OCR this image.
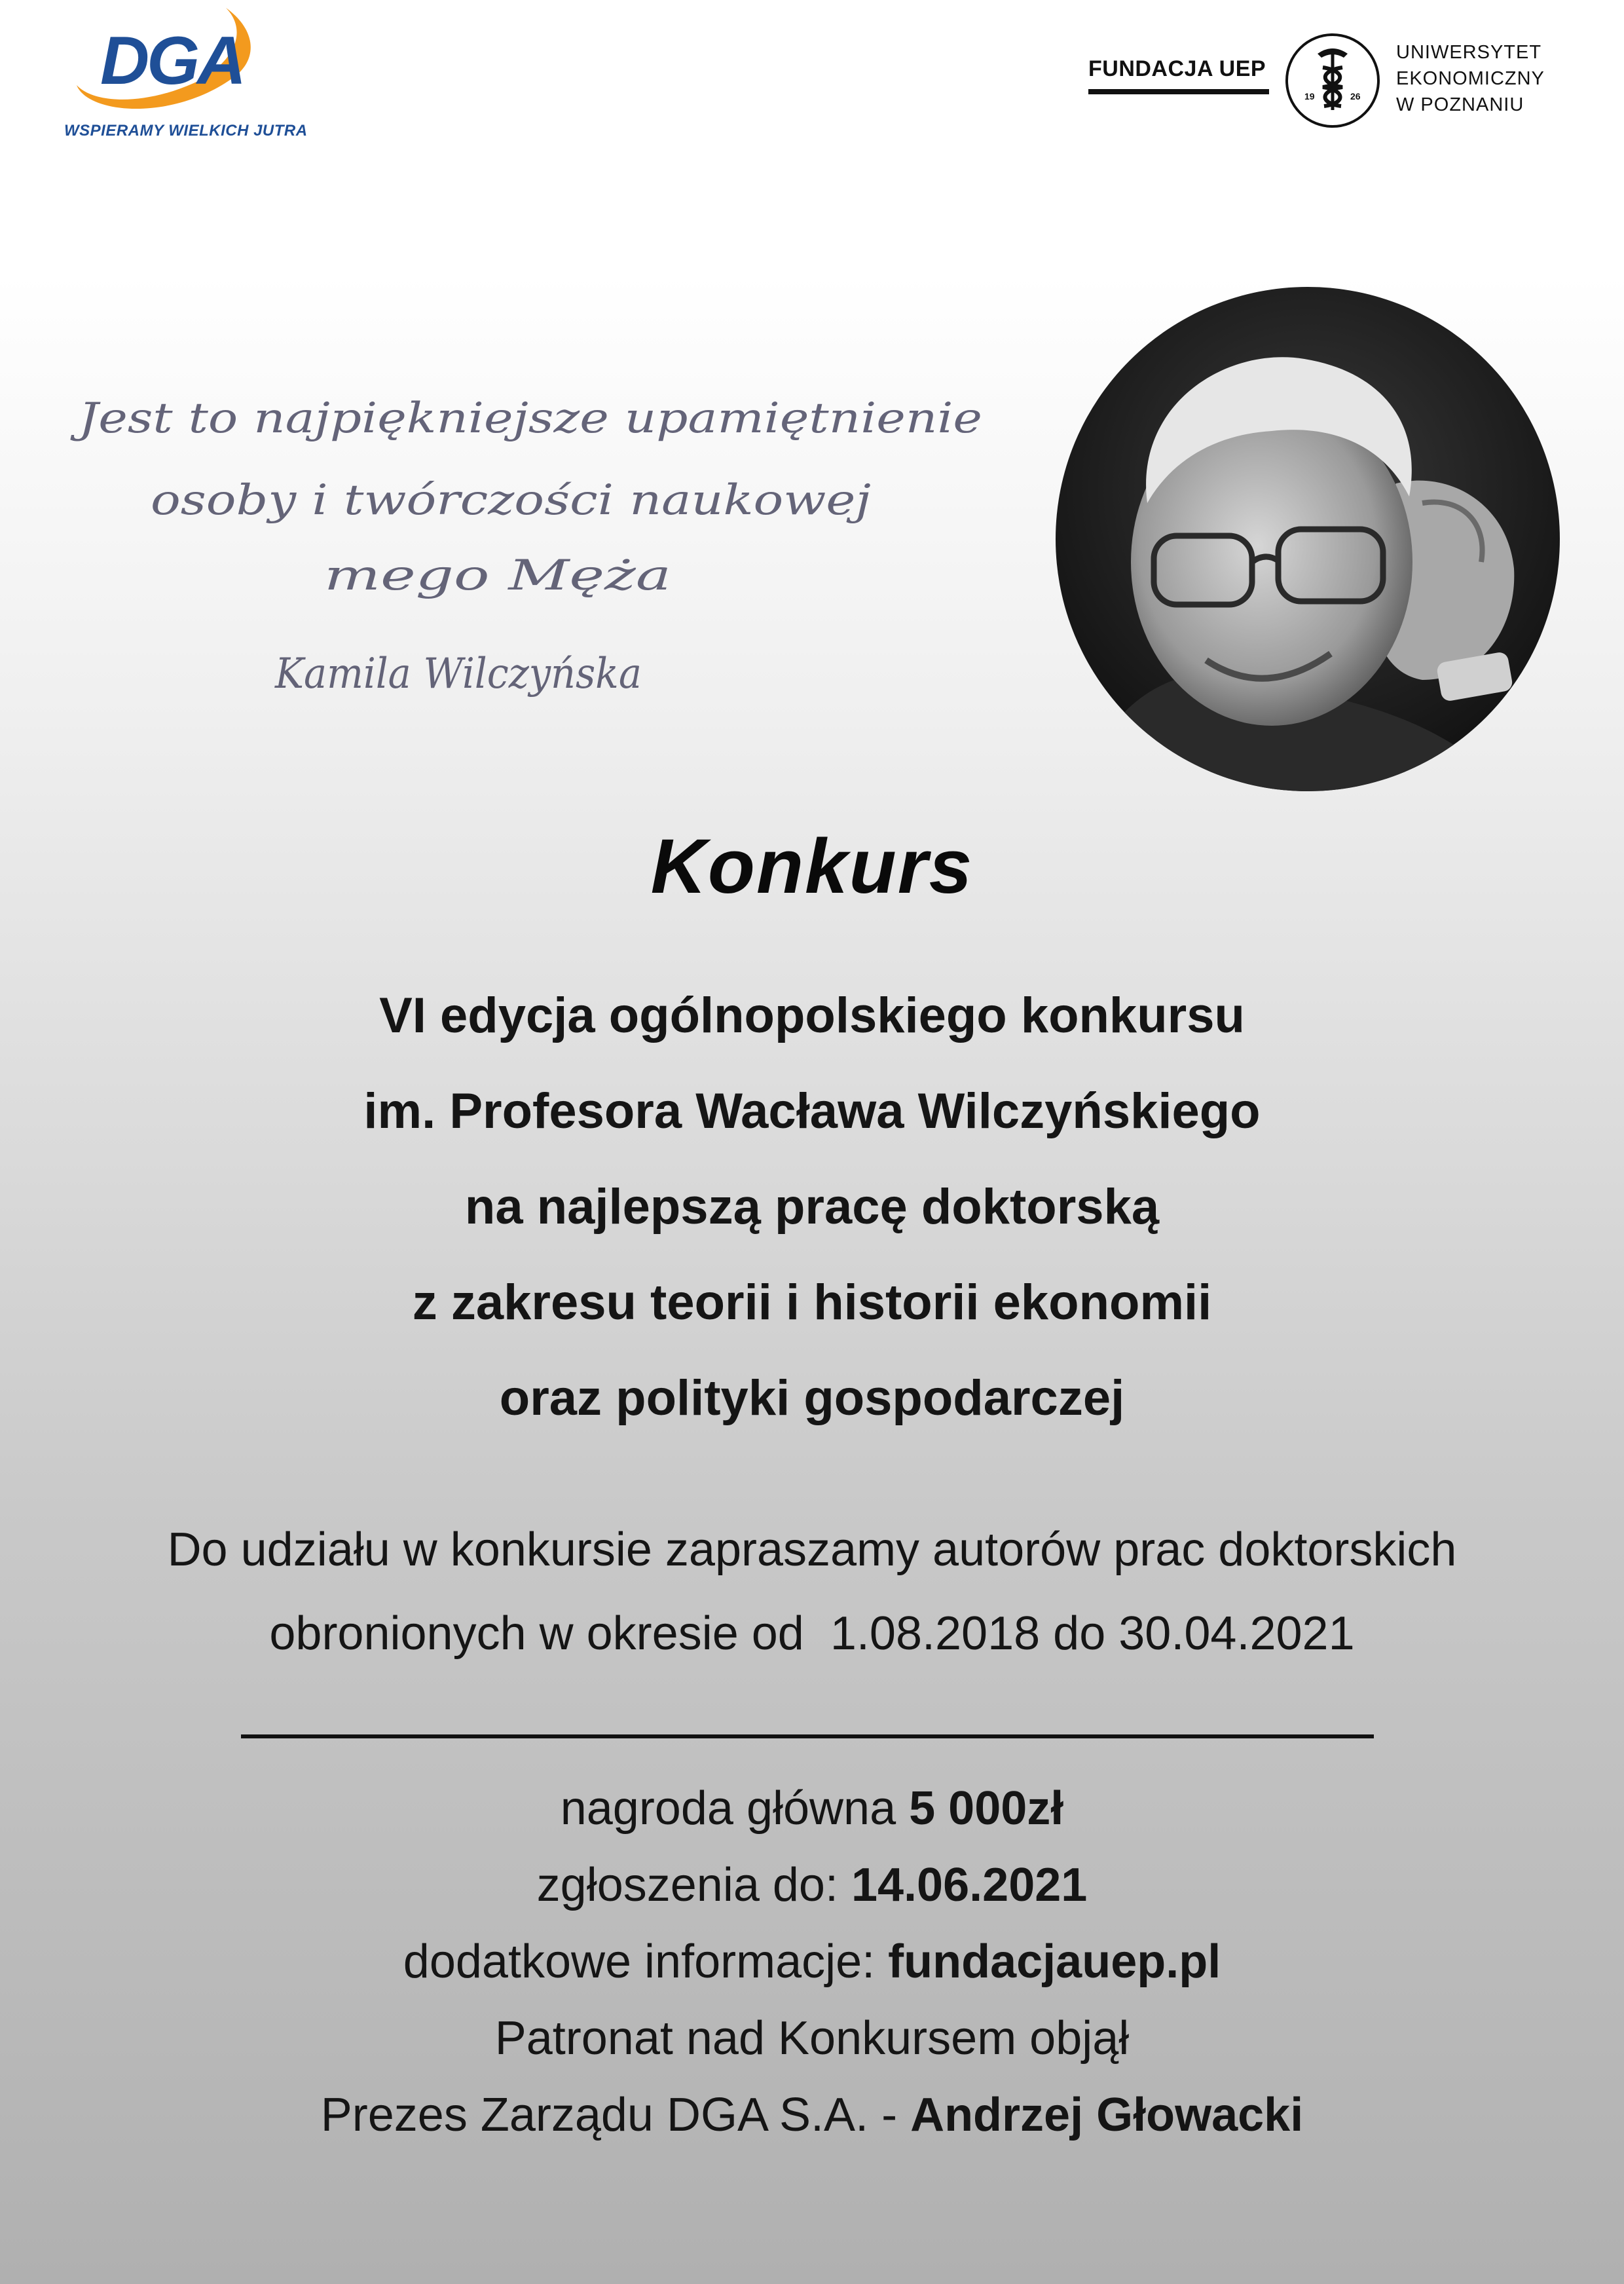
DGA
WSPIERAMY WIELKICH JUTRA
FUNDACJA UEP
19	26
UNIWERSYTET
EKONOMICZNY
W POZNANIU
Jest to najpiękniejsze upamiętnienie
osoby i twórczości naukowej
mego Męża
Kamila Wilczyńska
Konkurs
VI edycja ogólnopolskiego konkursu
im. Profesora Wacława Wilczyńskiego
na najlepszą pracę doktorską
z zakresu teorii i historii ekonomii
oraz polityki gospodarczej
Do udziału w konkursie zapraszamy autorów prac doktorskich
obronionych w okresie od  1.08.2018 do 30.04.2021
nagroda główna 5 000zł
zgłoszenia do: 14.06.2021
dodatkowe informacje: fundacjauep.pl
Patronat nad Konkursem objął
Prezes Zarządu DGA S.A. - Andrzej Głowacki
